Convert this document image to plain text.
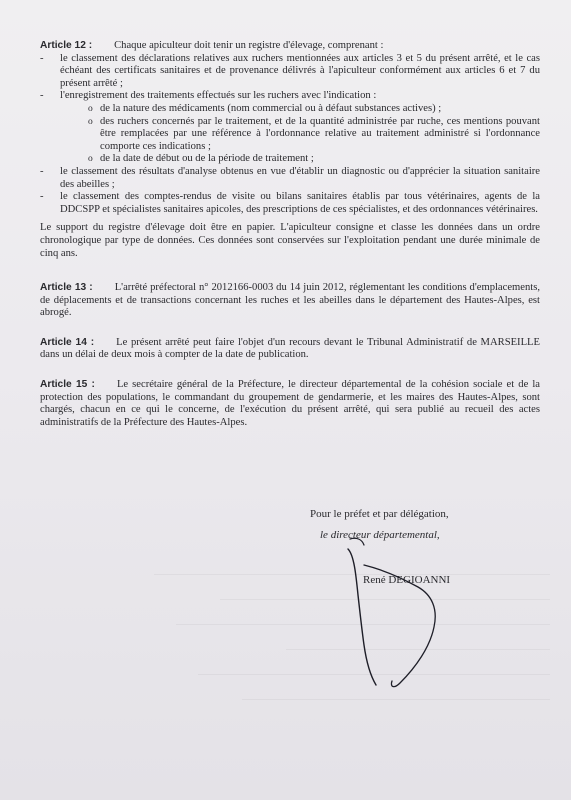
Article 12 : Chaque apiculteur doit tenir un registre d'élevage, comprenant :

- le classement des déclarations relatives aux ruchers mentionnées aux articles 3 et 5 du présent arrêté, et le cas échéant des certificats sanitaires et de provenance délivrés à l'apiculteur conformément aux articles 6 et 7 du présent arrêté ;
- l'enregistrement des traitements effectués sur les ruchers avec l'indication :
o de la nature des médicaments (nom commercial ou à défaut substances actives) ;
o des ruchers concernés par le traitement, et de la quantité administrée par ruche, ces mentions pouvant être remplacées par une référence à l'ordonnance relative au traitement administré si l'ordonnance comporte ces indications ;
o de la date de début ou de la période de traitement ;
- le classement des résultats d'analyse obtenus en vue d'établir un diagnostic ou d'apprécier la situation sanitaire des abeilles ;
- le classement des comptes-rendus de visite ou bilans sanitaires établis par tous vétérinaires, agents de la DDCSPP et spécialistes sanitaires apicoles, des prescriptions de ces spécialistes, et des ordonnances vétérinaires.

Le support du registre d'élevage doit être en papier. L'apiculteur consigne et classe les données dans un ordre chronologique par type de données. Ces données sont conservées sur l'exploitation pendant une durée minimale de cinq ans.

Article 13 : L'arrêté préfectoral n° 2012166-0003 du 14 juin 2012, réglementant les conditions d'emplacements, de déplacements et de transactions concernant les ruches et les abeilles dans le département des Hautes-Alpes, est abrogé.

Article 14 : Le présent arrêté peut faire l'objet d'un recours devant le Tribunal Administratif de MARSEILLE dans un délai de deux mois à compter de la date de publication.

Article 15 : Le secrétaire général de la Préfecture, le directeur départemental de la cohésion sociale et de la protection des populations, le commandant du groupement de gendarmerie, et les maires des Hautes-Alpes, sont chargés, chacun en ce qui le concerne, de l'exécution du présent arrêté, qui sera publié au recueil des actes administratifs de la Préfecture des Hautes-Alpes.

Pour le préfet et par délégation,
le directeur départemental,
René DEGIOANNI
